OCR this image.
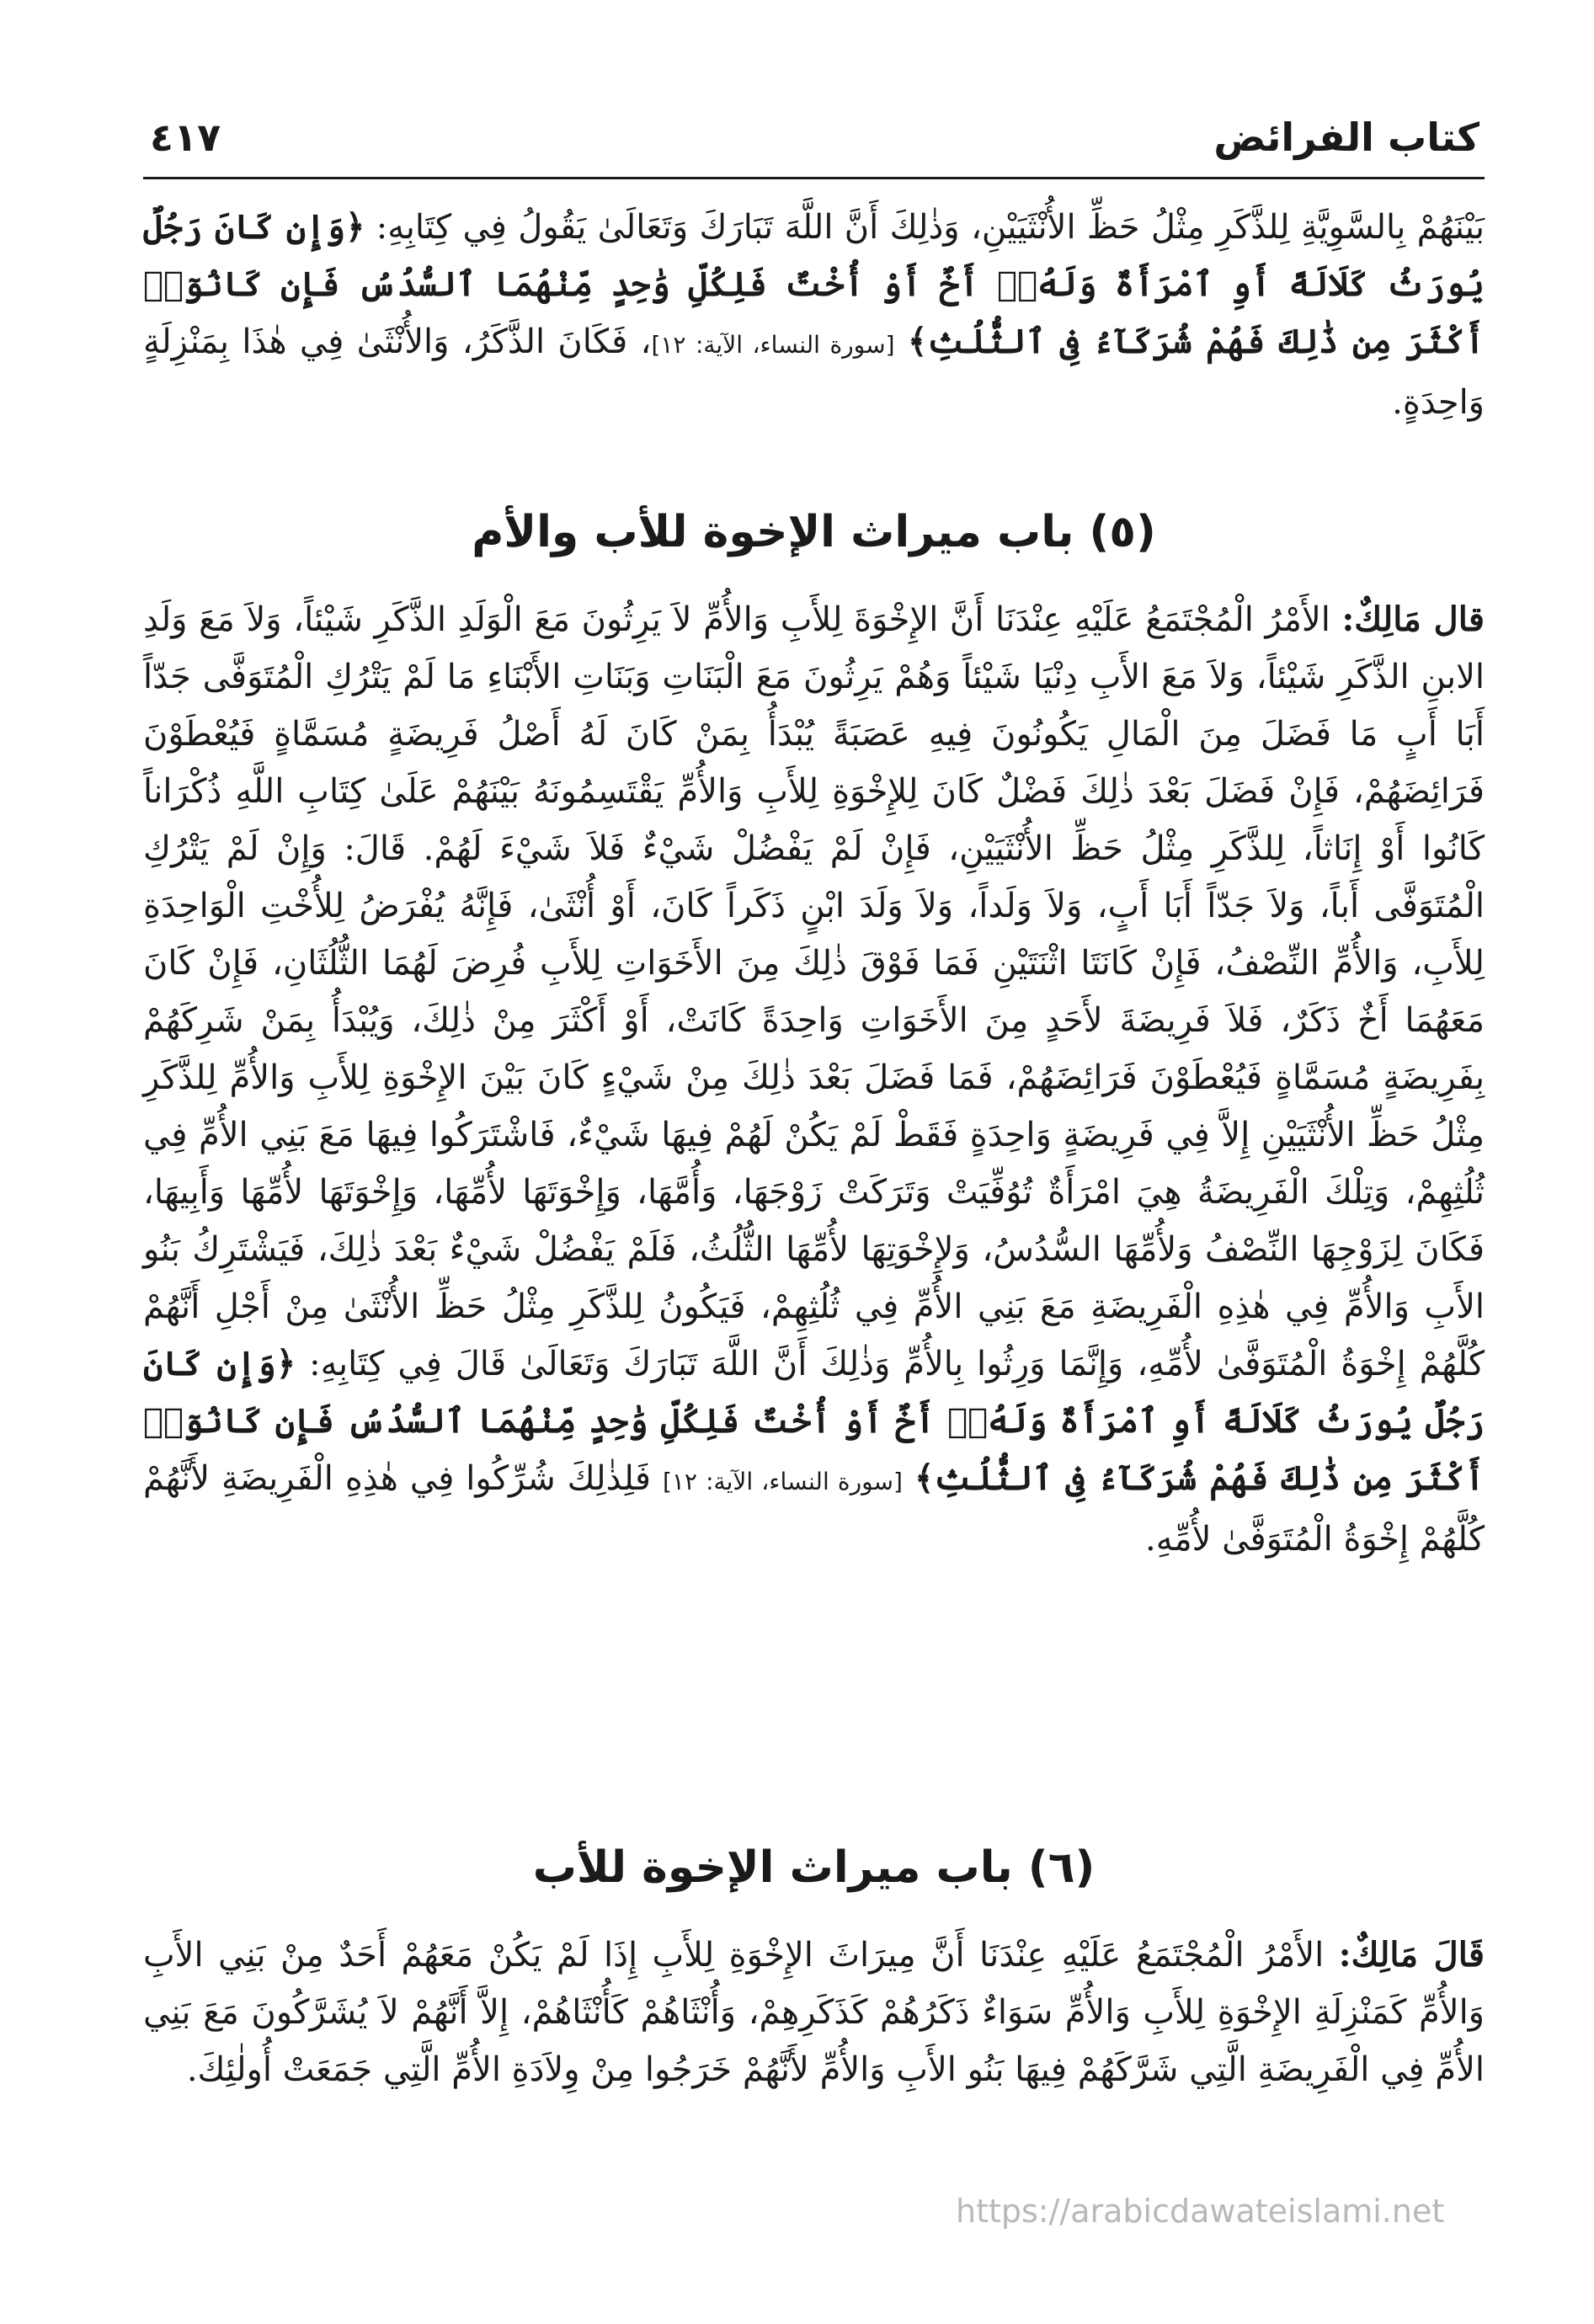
٤١٧	كتاب الفرائض
بَيْنَهُمْ بِالسَّوِيَّةِ لِلذَّكَرِ مِثْلُ حَظِّ الأُنْثَيَيْنِ، وَذٰلِكَ أَنَّ اللَّهَ تَبَارَكَ وَتَعَالَىٰ يَقُولُ فِي كِتَابِهِ: ﴿وَإِن كَانَ رَجُلٌ يُورَثُ كَلَالَةً أَوِ ٱمْرَأَةٌ وَلَهُۥٓ أَخٌ أَوْ أُخْتٌ فَلِكُلِّ وَٰحِدٍ مِّنْهُمَا ٱلسُّدُسُ فَإِن كَانُوٓا۟ أَكْثَرَ مِن ذَٰلِكَ فَهُمْ شُرَكَآءُ فِى ٱلثُّلُثِ﴾ [سورة النساء، الآية: ١٢]، فَكَانَ الذَّكَرُ، وَالأُنْثَىٰ فِي هٰذَا بِمَنْزِلَةٍ وَاحِدَةٍ.
(٥) باب ميراث الإخوة للأب والأم
قال مَالِكٌ: الأَمْرُ الْمُجْتَمَعُ عَلَيْهِ عِنْدَنَا أَنَّ الإِخْوَةَ لِلأَبِ وَالأُمِّ لاَ يَرِثُونَ مَعَ الْوَلَدِ الذَّكَرِ شَيْئاً، وَلاَ مَعَ وَلَدِ الابنِ الذَّكَرِ شَيْئاً، وَلاَ مَعَ الأَبِ دِنْيَا شَيْئاً وَهُمْ يَرِثُونَ مَعَ الْبَنَاتِ وَبَنَاتِ الأَبْنَاءِ مَا لَمْ يَتْرُكِ الْمُتَوَفَّى جَدّاً أَبَا أَبٍ مَا فَضَلَ مِنَ الْمَالِ يَكُونُونَ فِيهِ عَصَبَةً يُبْدَأُ بِمَنْ كَانَ لَهُ أَصْلُ فَرِيضَةٍ مُسَمَّاةٍ فَيُعْطَوْنَ فَرَائِضَهُمْ، فَإِنْ فَضَلَ بَعْدَ ذٰلِكَ فَضْلٌ كَانَ لِلإِخْوَةِ لِلأَبِ وَالأُمِّ يَقْتَسِمُونَهُ بَيْنَهُمْ عَلَىٰ كِتَابِ اللَّهِ ذُكْرَاناً كَانُوا أَوْ إِنَاثاً، لِلذَّكَرِ مِثْلُ حَظِّ الأُنْثَيَيْنِ، فَإِنْ لَمْ يَفْضُلْ شَيْءٌ فَلاَ شَيْءَ لَهُمْ. قَالَ: وَإِنْ لَمْ يَتْرُكِ الْمُتَوَفَّى أَباً، وَلاَ جَدّاً أَبَا أَبٍ، وَلاَ وَلَداً، وَلاَ وَلَدَ ابْنٍ ذَكَراً كَانَ، أَوْ أُنْثَىٰ، فَإِنَّهُ يُفْرَضُ لِلأُخْتِ الْوَاحِدَةِ لِلأَبِ، وَالأُمِّ النِّصْفُ، فَإِنْ كَانَتَا اثْنَتَيْنِ فَمَا فَوْقَ ذٰلِكَ مِنَ الأَخَوَاتِ لِلأَبِ فُرِضَ لَهُمَا الثُّلُثَانِ، فَإِنْ كَانَ مَعَهُمَا أَخٌ ذَكَرٌ، فَلاَ فَرِيضَةَ لأَحَدٍ مِنَ الأَخَوَاتِ وَاحِدَةً كَانَتْ، أَوْ أَكْثَرَ مِنْ ذٰلِكَ، وَيُبْدَأُ بِمَنْ شَرِكَهُمْ بِفَرِيضَةٍ مُسَمَّاةٍ فَيُعْطَوْنَ فَرَائِضَهُمْ، فَمَا فَضَلَ بَعْدَ ذٰلِكَ مِنْ شَيْءٍ كَانَ بَيْنَ الإِخْوَةِ لِلأَبِ وَالأُمِّ لِلذَّكَرِ مِثْلُ حَظِّ الأُنْثَيَيْنِ إِلاَّ فِي فَرِيضَةٍ وَاحِدَةٍ فَقَطْ لَمْ يَكُنْ لَهُمْ فِيهَا شَيْءٌ، فَاشْتَرَكُوا فِيهَا مَعَ بَنِي الأُمِّ فِي ثُلُثِهِمْ، وَتِلْكَ الْفَرِيضَةُ هِيَ امْرَأَةٌ تُوُفِّيَتْ وَتَرَكَتْ زَوْجَهَا، وَأُمَّهَا، وَإِخْوَتَهَا لأُمِّهَا، وَإِخْوَتَهَا لأُمِّهَا وَأَبِيهَا، فَكَانَ لِزَوْجِهَا النِّصْفُ وَلأُمِّهَا السُّدُسُ، وَلإِخْوَتِهَا لأُمِّهَا الثُّلُثُ، فَلَمْ يَفْضُلْ شَيْءٌ بَعْدَ ذٰلِكَ، فَيَشْتَرِكُ بَنُو الأَبِ وَالأُمِّ فِي هٰذِهِ الْفَرِيضَةِ مَعَ بَنِي الأُمِّ فِي ثُلُثِهِمْ، فَيَكُونُ لِلذَّكَرِ مِثْلُ حَظِّ الأُنْثَىٰ مِنْ أَجْلِ أَنَّهُمْ كُلَّهُمْ إِخْوَةُ الْمُتَوَفَّىٰ لأُمِّهِ، وَإِنَّمَا وَرِثُوا بِالأُمِّ وَذٰلِكَ أَنَّ اللَّهَ تَبَارَكَ وَتَعَالَىٰ قَالَ فِي كِتَابِهِ: ﴿وَإِن كَانَ رَجُلٌ يُورَثُ كَلَالَةً أَوِ ٱمْرَأَةٌ وَلَهُۥٓ أَخٌ أَوْ أُخْتٌ فَلِكُلِّ وَٰحِدٍ مِّنْهُمَا ٱلسُّدُسُ فَإِن كَانُوٓا۟ أَكْثَرَ مِن ذَٰلِكَ فَهُمْ شُرَكَآءُ فِى ٱلثُّلُثِ﴾ [سورة النساء، الآية: ١٢] فَلِذٰلِكَ شُرِّكُوا فِي هٰذِهِ الْفَرِيضَةِ لأَنَّهُمْ كُلَّهُمْ إِخْوَةُ الْمُتَوَفَّىٰ لأُمِّهِ.
(٦) باب ميراث الإخوة للأب
قَالَ مَالِكٌ: الأَمْرُ الْمُجْتَمَعُ عَلَيْهِ عِنْدَنَا أَنَّ مِيرَاثَ الإِخْوَةِ لِلأَبِ إِذَا لَمْ يَكُنْ مَعَهُمْ أَحَدٌ مِنْ بَنِي الأَبِ وَالأُمِّ كَمَنْزِلَةِ الإِخْوَةِ لِلأَبِ وَالأُمِّ سَوَاءٌ ذَكَرُهُمْ كَذَكَرِهِمْ، وَأُنْثَاهُمْ كَأُنْثَاهُمْ، إِلاَّ أَنَّهُمْ لاَ يُشَرَّكُونَ مَعَ بَنِي الأُمِّ فِي الْفَرِيضَةِ الَّتِي شَرَّكَهُمْ فِيهَا بَنُو الأَبِ وَالأُمِّ لأَنَّهُمْ خَرَجُوا مِنْ وِلاَدَةِ الأُمِّ الَّتِي جَمَعَتْ أُولٰئِكَ.
https://arabicdawateislami.net
